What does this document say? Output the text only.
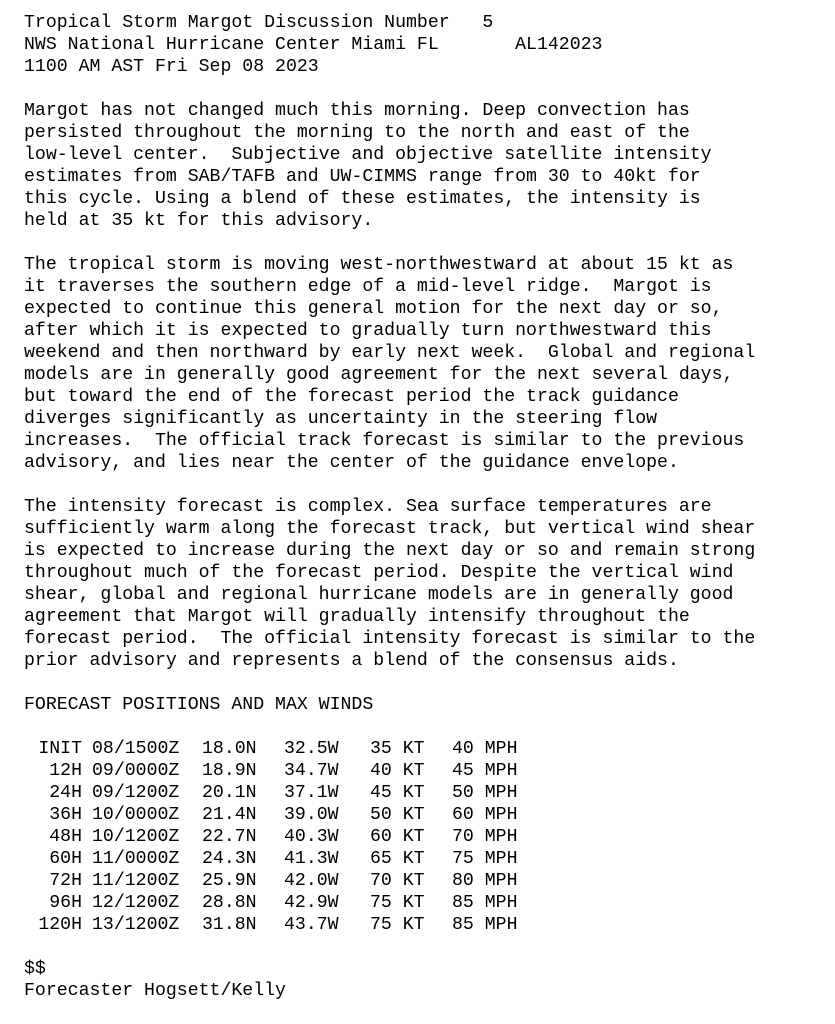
Tropical Storm Margot Discussion Number   5
NWS National Hurricane Center Miami FL       AL142023
1100 AM AST Fri Sep 08 2023
Margot has not changed much this morning. Deep convection has
persisted throughout the morning to the north and east of the
low-level center.  Subjective and objective satellite intensity
estimates from SAB/TAFB and UW-CIMMS range from 30 to 40kt for
this cycle. Using a blend of these estimates, the intensity is
held at 35 kt for this advisory.
The tropical storm is moving west-northwestward at about 15 kt as
it traverses the southern edge of a mid-level ridge.  Margot is
expected to continue this general motion for the next day or so,
after which it is expected to gradually turn northwestward this
weekend and then northward by early next week.  Global and regional
models are in generally good agreement for the next several days,
but toward the end of the forecast period the track guidance
diverges significantly as uncertainty in the steering flow
increases.  The official track forecast is similar to the previous
advisory, and lies near the center of the guidance envelope.
The intensity forecast is complex. Sea surface temperatures are
sufficiently warm along the forecast track, but vertical wind shear
is expected to increase during the next day or so and remain strong
throughout much of the forecast period. Despite the vertical wind
shear, global and regional hurricane models are in generally good
agreement that Margot will gradually intensify throughout the
forecast period.  The official intensity forecast is similar to the
prior advisory and represents a blend of the consensus aids.
FORECAST POSITIONS AND MAX WINDS
INIT	08/1500Z	18.0N	32.5W	35 KT	40 MPH
12H	09/0000Z	18.9N	34.7W	40 KT	45 MPH
24H	09/1200Z	20.1N	37.1W	45 KT	50 MPH
36H	10/0000Z	21.4N	39.0W	50 KT	60 MPH
48H	10/1200Z	22.7N	40.3W	60 KT	70 MPH
60H	11/0000Z	24.3N	41.3W	65 KT	75 MPH
72H	11/1200Z	25.9N	42.0W	70 KT	80 MPH
96H	12/1200Z	28.8N	42.9W	75 KT	85 MPH
120H	13/1200Z	31.8N	43.7W	75 KT	85 MPH
$$
Forecaster Hogsett/Kelly
